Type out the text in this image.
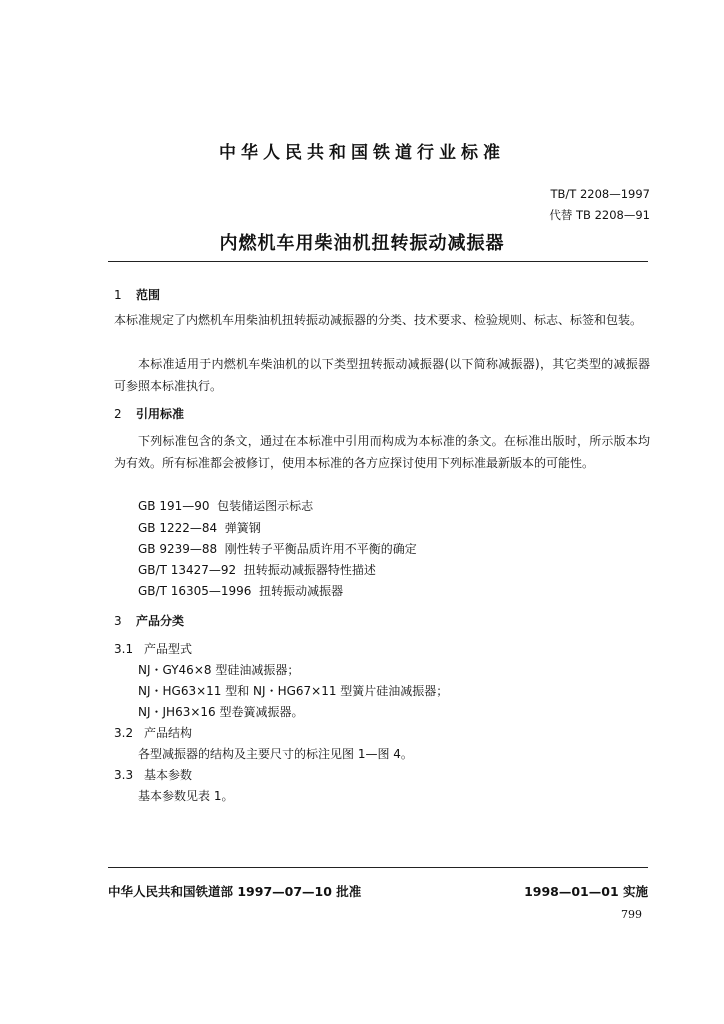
中华人民共和国铁道行业标准
TB/T 2208—1997
代替 TB 2208—91
内燃机车用柴油机扭转振动减振器
1 范围
本标准规定了内燃机车用柴油机扭转振动减振器的分类、技术要求、检验规则、标志、标签和包装。
本标准适用于内燃机车柴油机的以下类型扭转振动减振器(以下简称减振器)，其它类型的减振器可参照本标准执行。
2 引用标准
下列标准包含的条文，通过在本标准中引用而构成为本标准的条文。在标准出版时，所示版本均为有效。所有标准都会被修订，使用本标准的各方应探讨使用下列标准最新版本的可能性。
GB 191—90 包装储运图示标志
GB 1222—84 弹簧钢
GB 9239—88 刚性转子平衡品质许用不平衡的确定
GB/T 13427—92 扭转振动减振器特性描述
GB/T 16305—1996 扭转振动减振器
3 产品分类
3.1 产品型式
NJ・GY46×8 型硅油减振器；
NJ・HG63×11 型和 NJ・HG67×11 型簧片硅油减振器；
NJ・JH63×16 型卷簧减振器。
3.2 产品结构
各型减振器的结构及主要尺寸的标注见图 1—图 4。
3.3 基本参数
基本参数见表 1。
中华人民共和国铁道部 1997—07—10 批准	1998—01—01 实施
799
